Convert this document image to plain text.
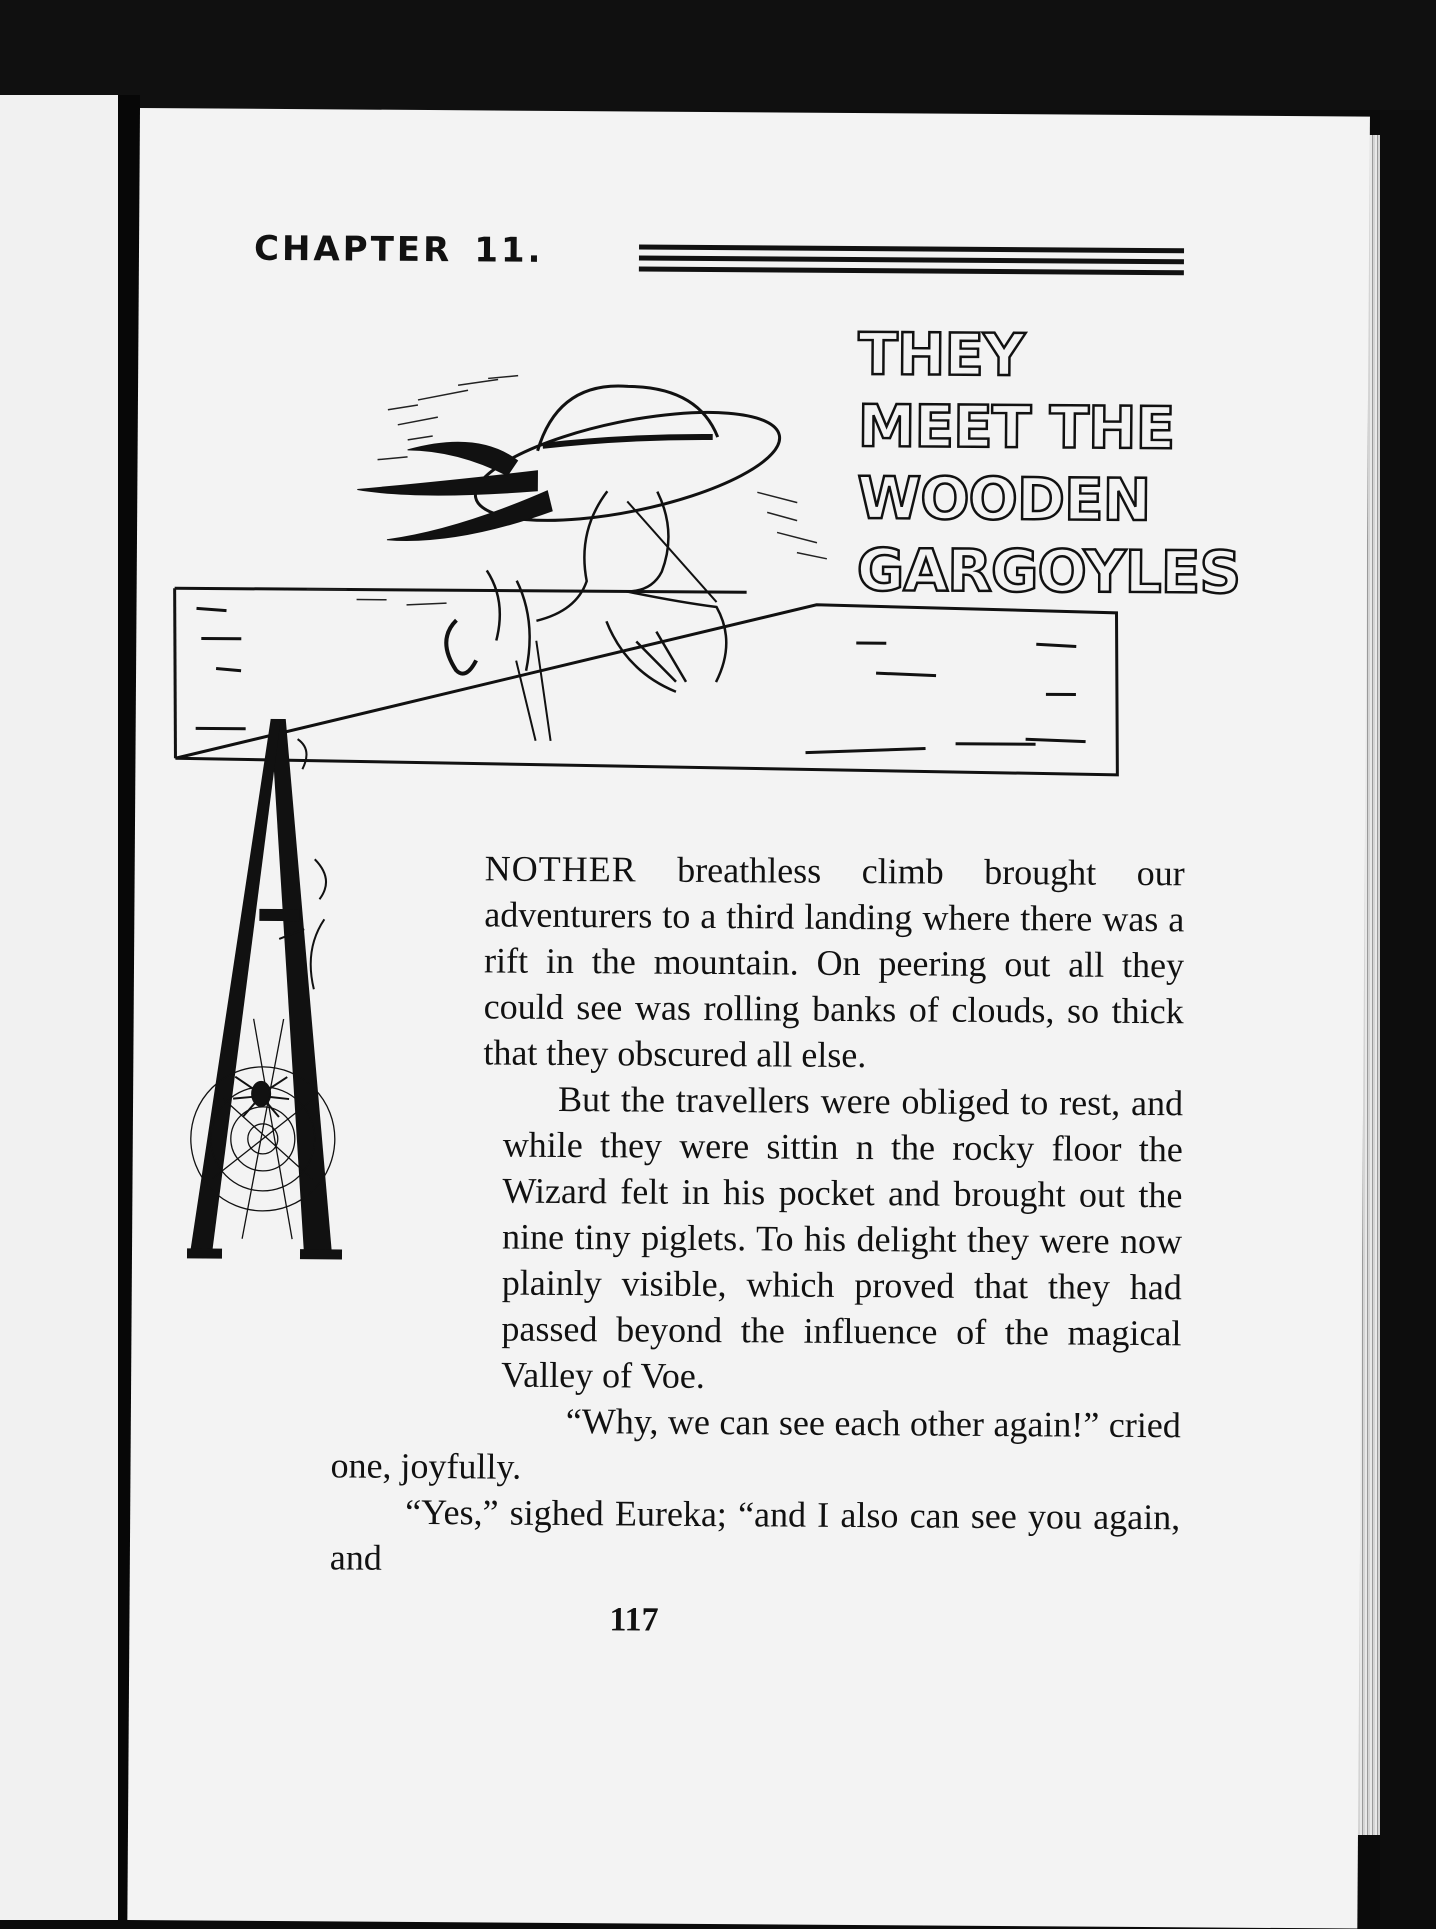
CHAPTER 11.
THEY
MEET THE
WOODEN
GARGOYLES

NOTHER breathless climb brought our adventurers to a third landing where there was a rift in the mountain. On peering out all they could see was rolling banks of clouds, so thick that they obscured all else.

But the travellers were obliged to rest, and while they were sittin n the rocky floor the Wizard felt in his pocket and brought out the nine tiny piglets. To his delight they were now plainly visible, which proved that they had passed beyond the influence of the magical Valley of Voe.

“Why, we can see each other again!” cried one, joyfully.

“Yes,” sighed Eureka; “and I also can see you again, and

117
